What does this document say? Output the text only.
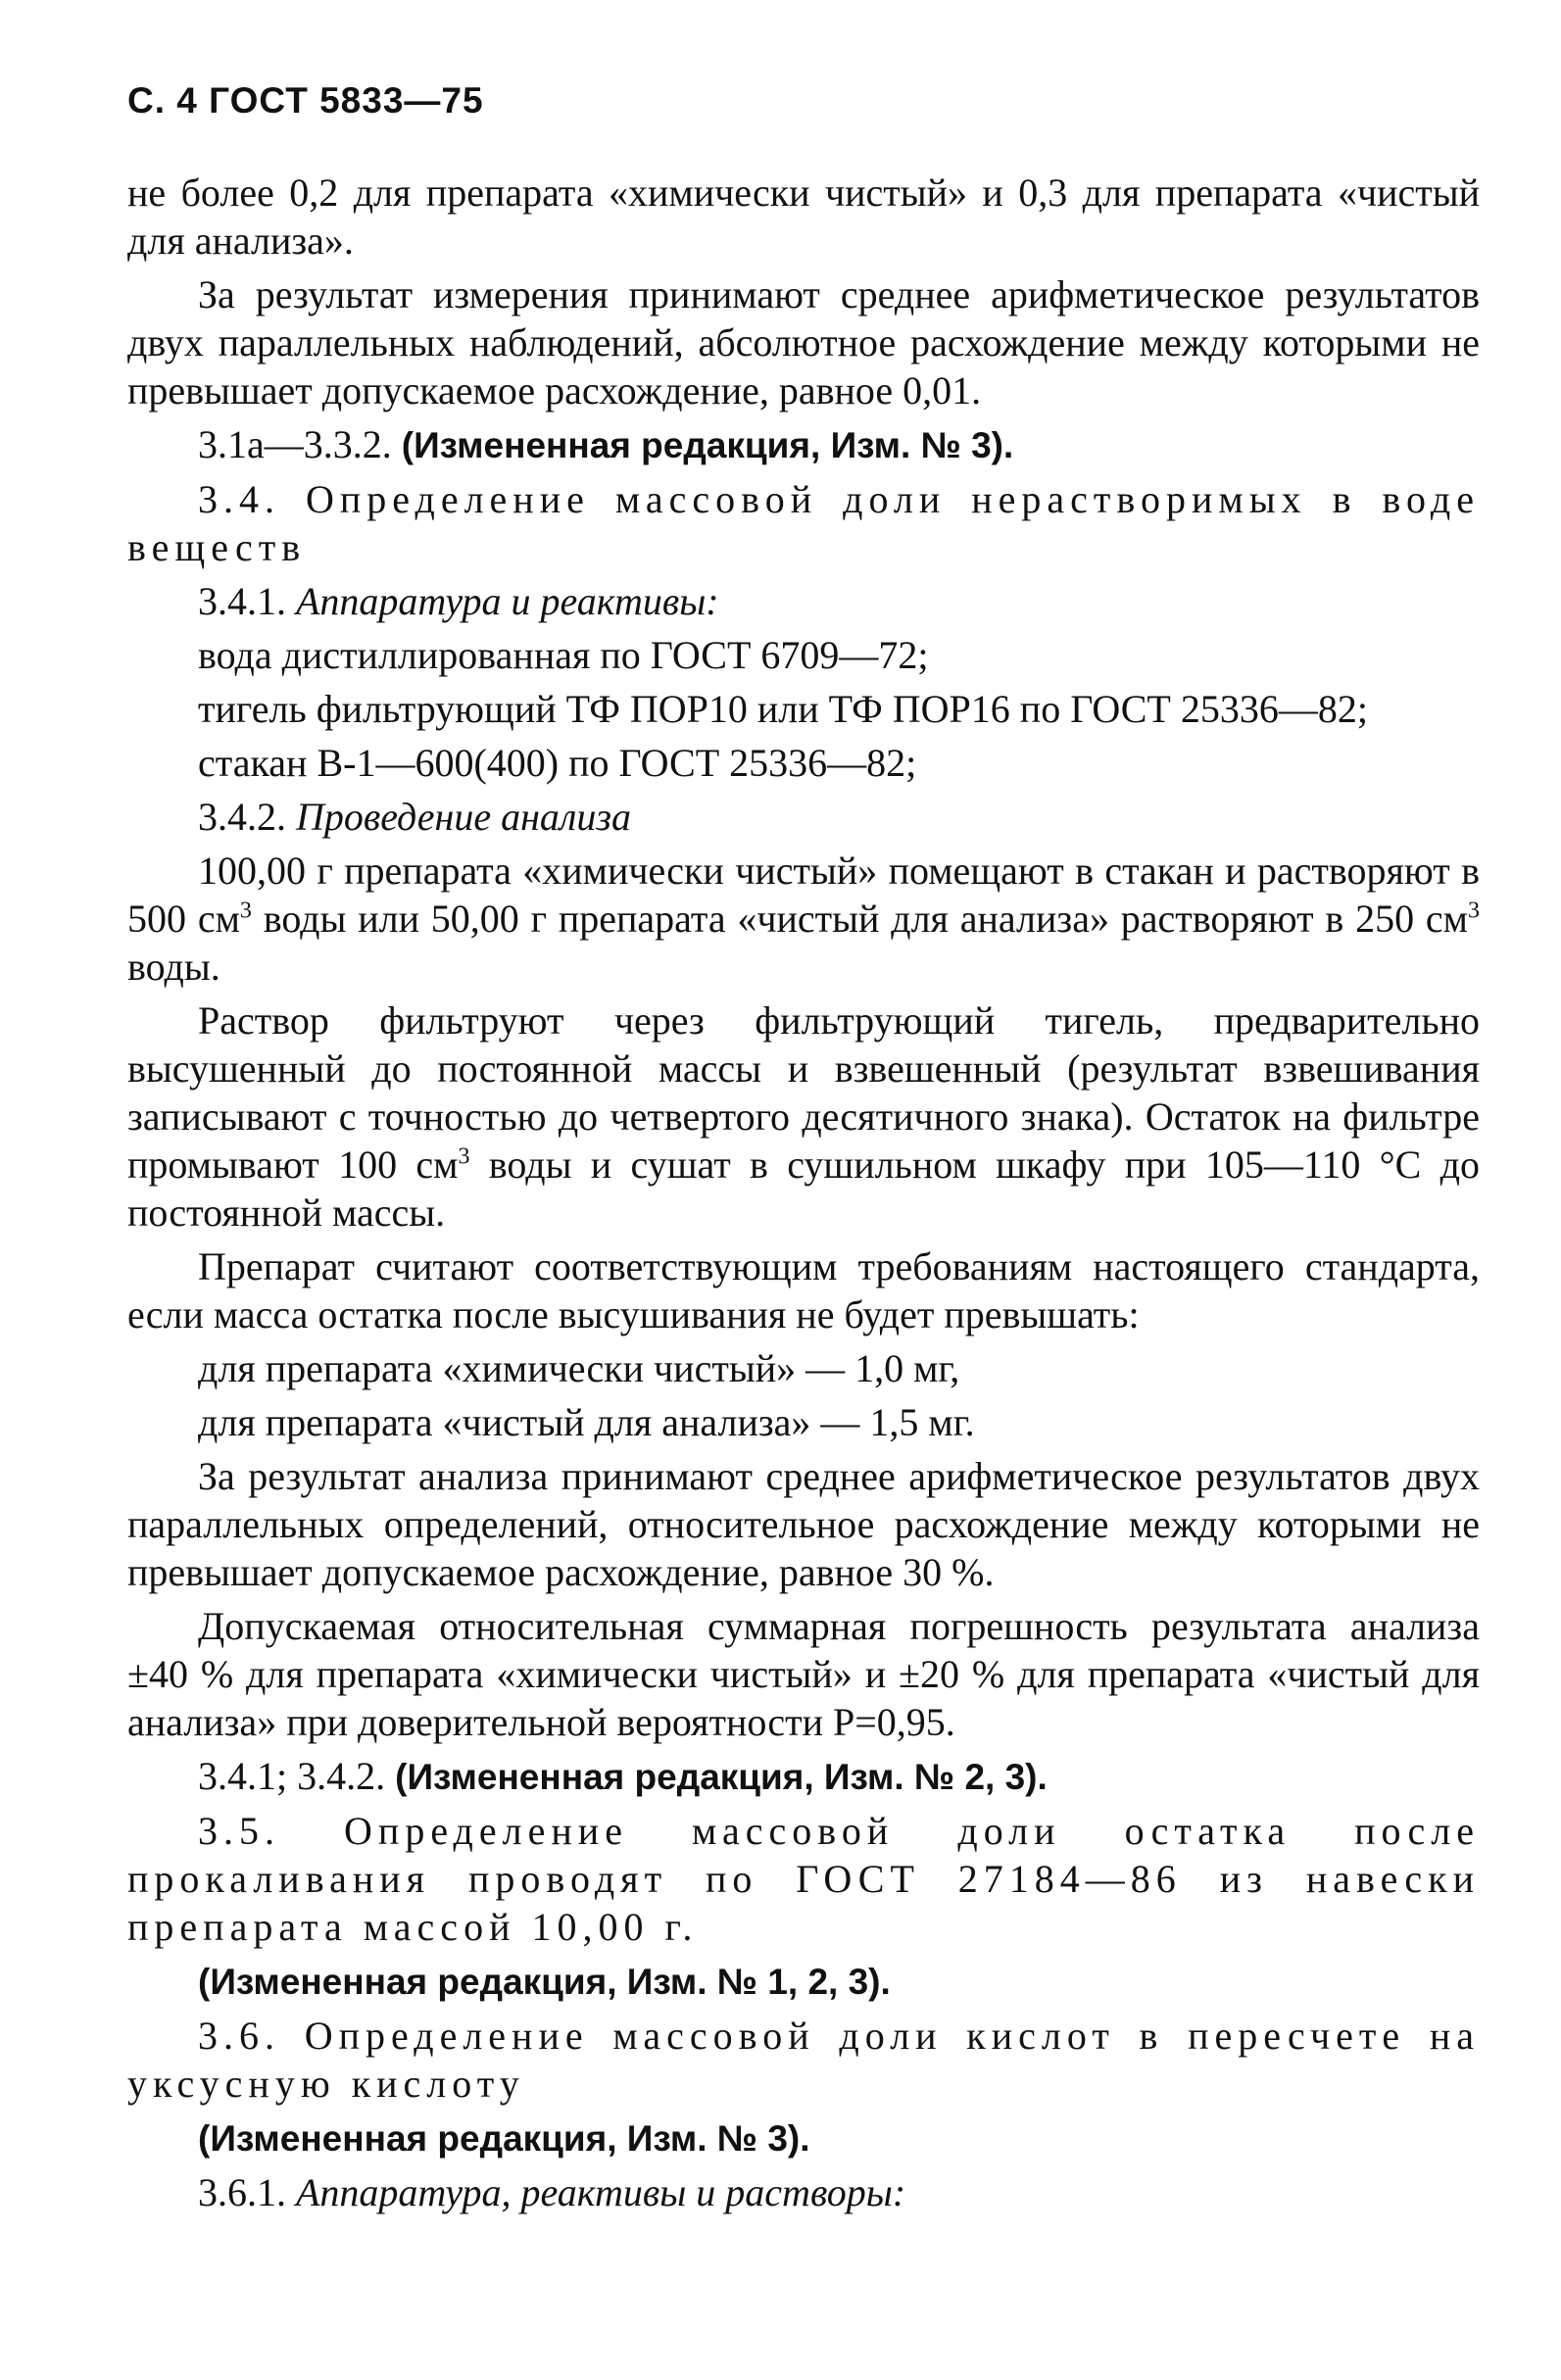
С. 4 ГОСТ 5833—75

не более 0,2 для препарата «химически чистый» и 0,3 для препарата «чистый для анализа».

За результат измерения принимают среднее арифметическое результатов двух параллельных наблюдений, абсолютное расхождение между которыми не превышает допускаемое расхождение, равное 0,01.

3.1а—3.3.2. (Измененная редакция, Изм. № 3).

3.4. Определение массовой доли нерастворимых в воде веществ

3.4.1. Аппаратура и реактивы:

вода дистиллированная по ГОСТ 6709—72;

тигель фильтрующий ТФ ПОР10 или ТФ ПОР16 по ГОСТ 25336—82;

стакан В-1—600(400) по ГОСТ 25336—82;

3.4.2. Проведение анализа

100,00 г препарата «химически чистый» помещают в стакан и растворяют в 500 $см^3$ воды или 50,00 г препарата «чистый для анализа» растворяют в 250 $см^3$ воды.

Раствор фильтруют через фильтрующий тигель, предварительно высушенный до постоянной массы и взвешенный (результат взвешивания записывают с точностью до четвертого десятичного знака). Остаток на фильтре промывают 100 $см^3$ воды и сушат в сушильном шкафу при 105—110 °С до постоянной массы.

Препарат считают соответствующим требованиям настоящего стандарта, если масса остатка после высушивания не будет превышать:

для препарата «химически чистый» — 1,0 мг,

для препарата «чистый для анализа» — 1,5 мг.

За результат анализа принимают среднее арифметическое результатов двух параллельных определений, относительное расхождение между которыми не превышает допускаемое расхождение, равное 30 %.

Допускаемая относительная суммарная погрешность результата анализа ±40 % для препарата «химически чистый» и ±20 % для препарата «чистый для анализа» при доверительной вероятности Р=0,95.

3.4.1; 3.4.2. (Измененная редакция, Изм. № 2, 3).

3.5. Определение массовой доли остатка после прокаливания проводят по ГОСТ 27184—86 из навески препарата массой 10,00 г.

(Измененная редакция, Изм. № 1, 2, 3).

3.6. Определение массовой доли кислот в пересчете на уксусную кислоту

(Измененная редакция, Изм. № 3).

3.6.1. Аппаратура, реактивы и растворы:
